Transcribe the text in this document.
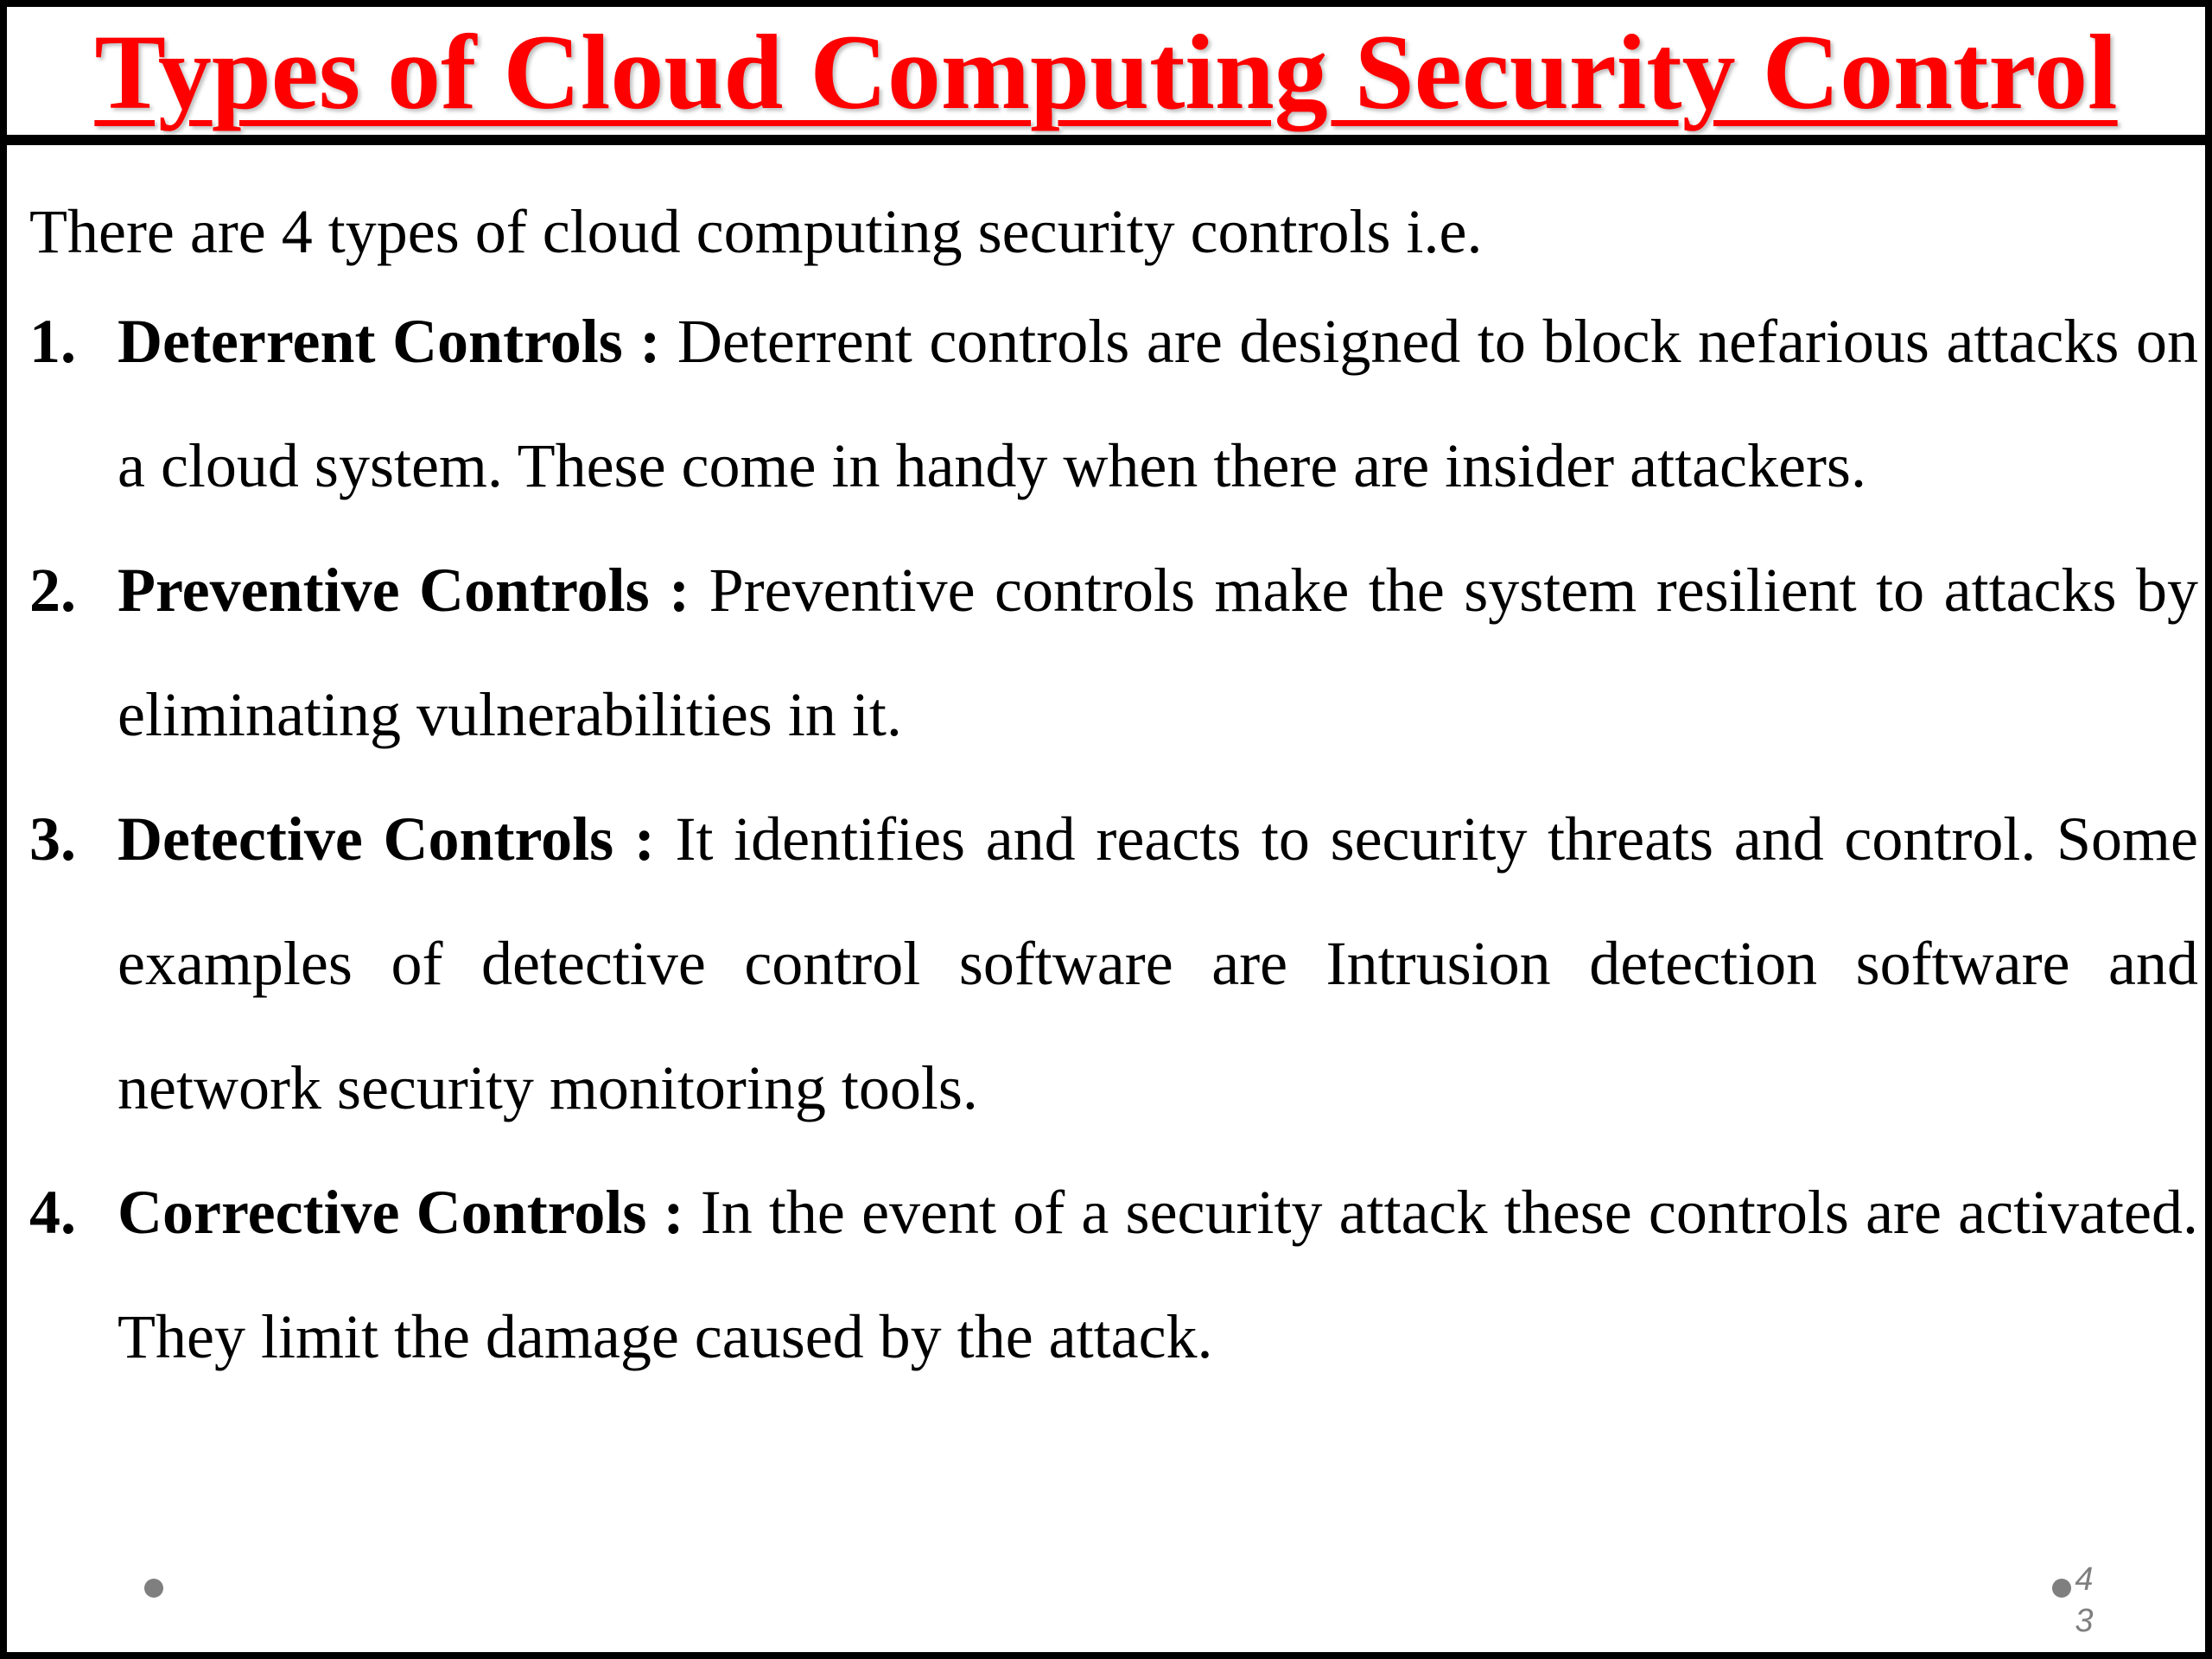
Types of Cloud Computing Security Control

There are 4 types of cloud computing security controls i.e.

1. Deterrent Controls : Deterrent controls are designed to block nefarious attacks on a cloud system. These come in handy when there are insider attackers.
2. Preventive Controls : Preventive controls make the system resilient to attacks by eliminating vulnerabilities in it.
3. Detective Controls : It identifies and reacts to security threats and control. Some examples of detective control software are Intrusion detection software and network security monitoring tools.
4. Corrective Controls : In the event of a security attack these controls are activated. They limit the damage caused by the attack.
4
3
